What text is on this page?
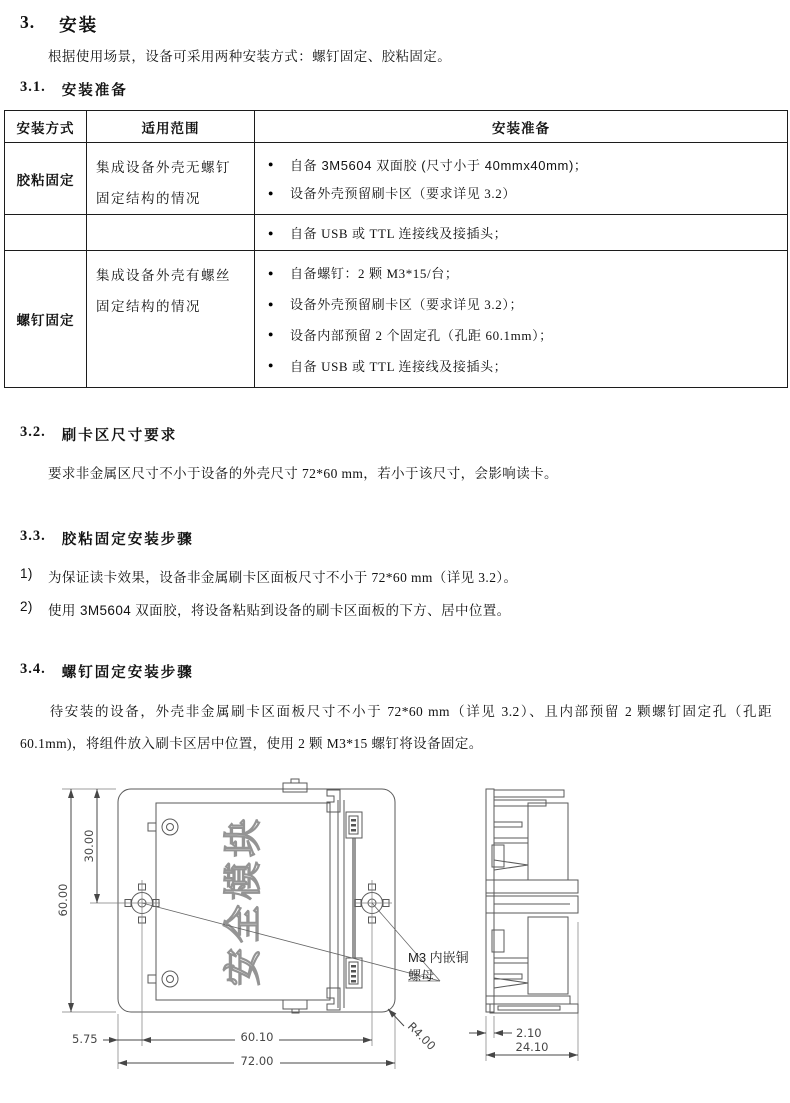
3. 安装
根据使用场景，设备可采用两种安装方式：螺钉固定、胶粘固定。
3.1. 安装准备
安装方式	适用范围	安装准备
胶粘固定	集成设备外壳无螺钉固定结构的情况	● 自备 3M5604 双面胶 (尺寸小于 40mmx40mm)；
● 设备外壳预留刷卡区（要求详见 3.2）

		● 自备 USB 或 TTL 连接线及接插头；

螺钉固定	集成设备外壳有螺丝固定结构的情况	● 自备螺钉：2 颗 M3*15/台；
● 设备外壳预留刷卡区（要求详见 3.2）；
● 设备内部预留 2 个固定孔（孔距 60.1mm）；
● 自备 USB 或 TTL 连接线及接插头；
3.2. 刷卡区尺寸要求
要求非金属区尺寸不小于设备的外壳尺寸 72*60 mm，若小于该尺寸，会影响读卡。
3.3. 胶粘固定安装步骤
1)	为保证读卡效果，设备非金属刷卡区面板尺寸不小于 72*60 mm（详见 3.2）。
2)	使用 3M5604 双面胶，将设备粘贴到设备的刷卡区面板的下方、居中位置。
3.4. 螺钉固定安装步骤
待安装的设备，外壳非金属刷卡区面板尺寸不小于 72*60 mm（详见 3.2）、且内部预留 2 颗螺钉固定孔（孔距 60.1mm)，将组件放入刷卡区居中位置，使用 2 颗 M3*15 螺钉将设备固定。
安全模块	M3 内嵌铜
螺母
60.00
30.00
5.75	60.10
72.00
R4.00	2.10
24.10
